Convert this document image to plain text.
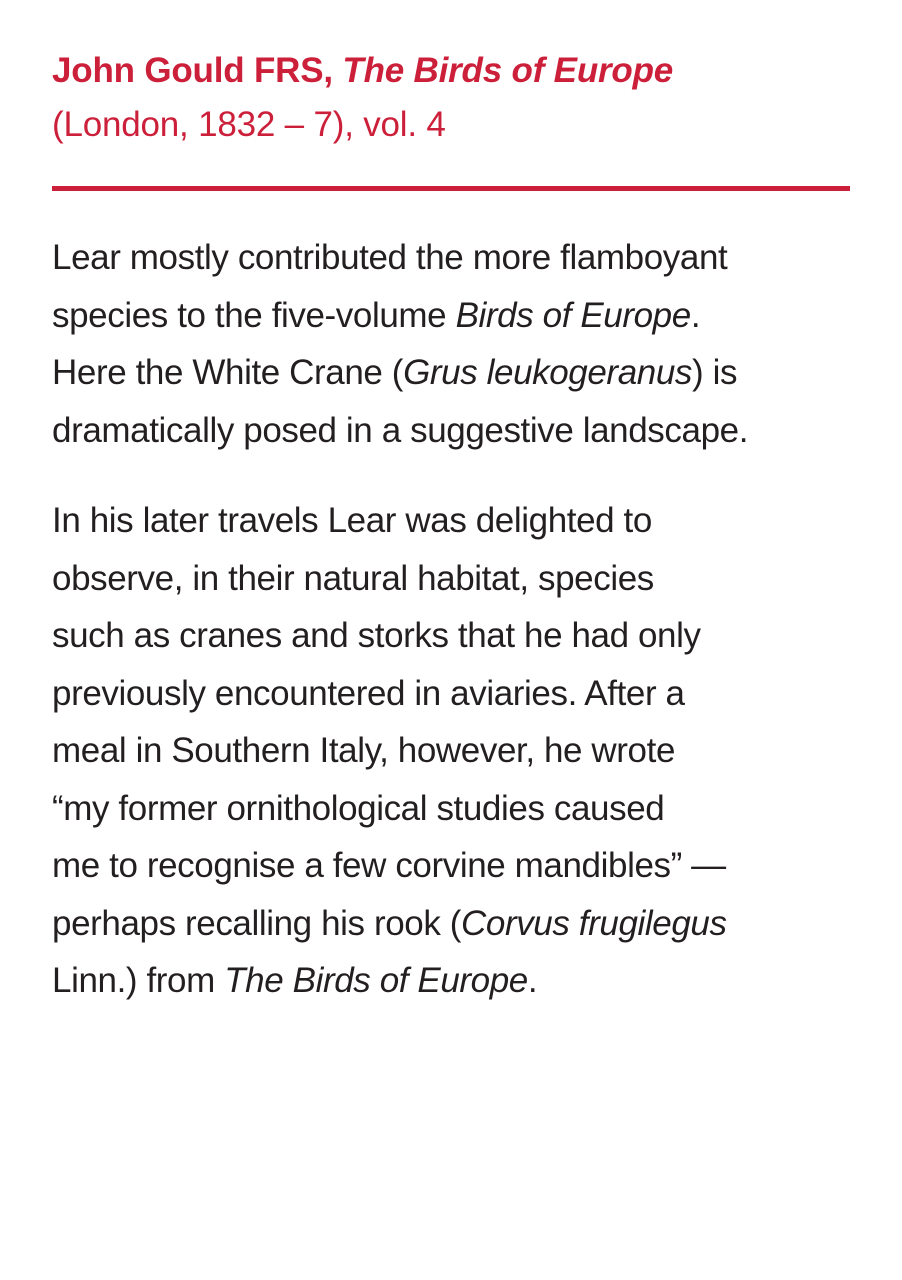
John Gould FRS, The Birds of Europe
(London, 1832 – 7), vol. 4

Lear mostly contributed the more flamboyant
species to the five-volume Birds of Europe.
Here the White Crane (Grus leukogeranus) is
dramatically posed in a suggestive landscape.

In his later travels Lear was delighted to
observe, in their natural habitat, species
such as cranes and storks that he had only
previously encountered in aviaries. After a
meal in Southern Italy, however, he wrote
“my former ornithological studies caused
me to recognise a few corvine mandibles” —
perhaps recalling his rook (Corvus frugilegus
Linn.) from The Birds of Europe.
